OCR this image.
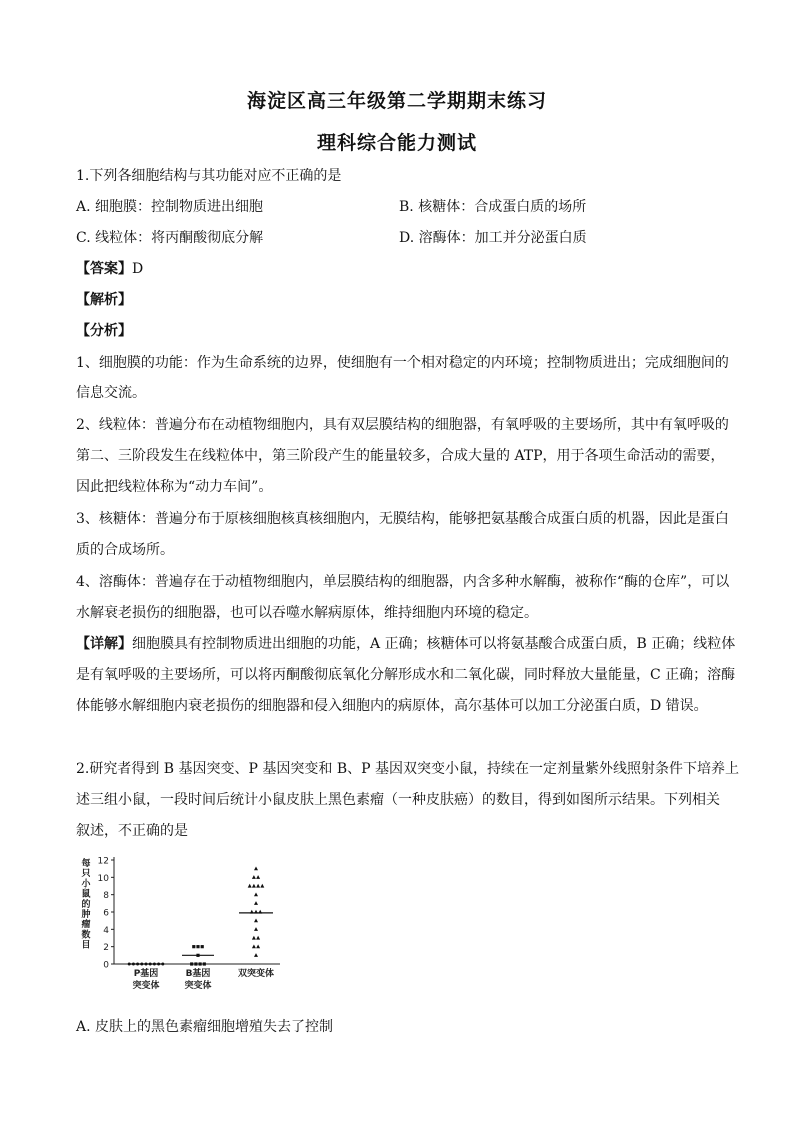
海淀区高三年级第二学期期末练习
理科综合能力测试
1.下列各细胞结构与其功能对应不正确的是
A. 细胞膜：控制物质进出细胞	B. 核糖体：合成蛋白质的场所
C. 线粒体：将丙酮酸彻底分解	D. 溶酶体：加工并分泌蛋白质
【答案】D
【解析】
【分析】
1、细胞膜的功能：作为生命系统的边界，使细胞有一个相对稳定的内环境；控制物质进出；完成细胞间的
信息交流。
2、线粒体：普遍分布在动植物细胞内，具有双层膜结构的细胞器，有氧呼吸的主要场所，其中有氧呼吸的
第二、三阶段发生在线粒体中，第三阶段产生的能量较多，合成大量的 ATP，用于各项生命活动的需要，
因此把线粒体称为“动力车间”。
3、核糖体：普遍分布于原核细胞核真核细胞内，无膜结构，能够把氨基酸合成蛋白质的机器，因此是蛋白
质的合成场所。
4、溶酶体：普遍存在于动植物细胞内，单层膜结构的细胞器，内含多种水解酶，被称作“酶的仓库”，可以
水解衰老损伤的细胞器，也可以吞噬水解病原体，维持细胞内环境的稳定。
【详解】细胞膜具有控制物质进出细胞的功能，A 正确；核糖体可以将氨基酸合成蛋白质，B 正确；线粒体
是有氧呼吸的主要场所，可以将丙酮酸彻底氧化分解形成水和二氧化碳，同时释放大量能量，C 正确；溶酶
体能够水解细胞内衰老损伤的细胞器和侵入细胞内的病原体，高尔基体可以加工分泌蛋白质，D 错误。
2.研究者得到 B 基因突变、P 基因突变和 B、P 基因双突变小鼠，持续在一定剂量紫外线照射条件下培养上
述三组小鼠，一段时间后统计小鼠皮肤上黑色素瘤（一种皮肤癌）的数目，得到如图所示结果。下列相关
叙述，不正确的是
0
2
4
6
8
10
12
每只小鼠的肿瘤数目
P基因
突变体
B基因
突变体
双突变体
A. 皮肤上的黑色素瘤细胞增殖失去了控制
